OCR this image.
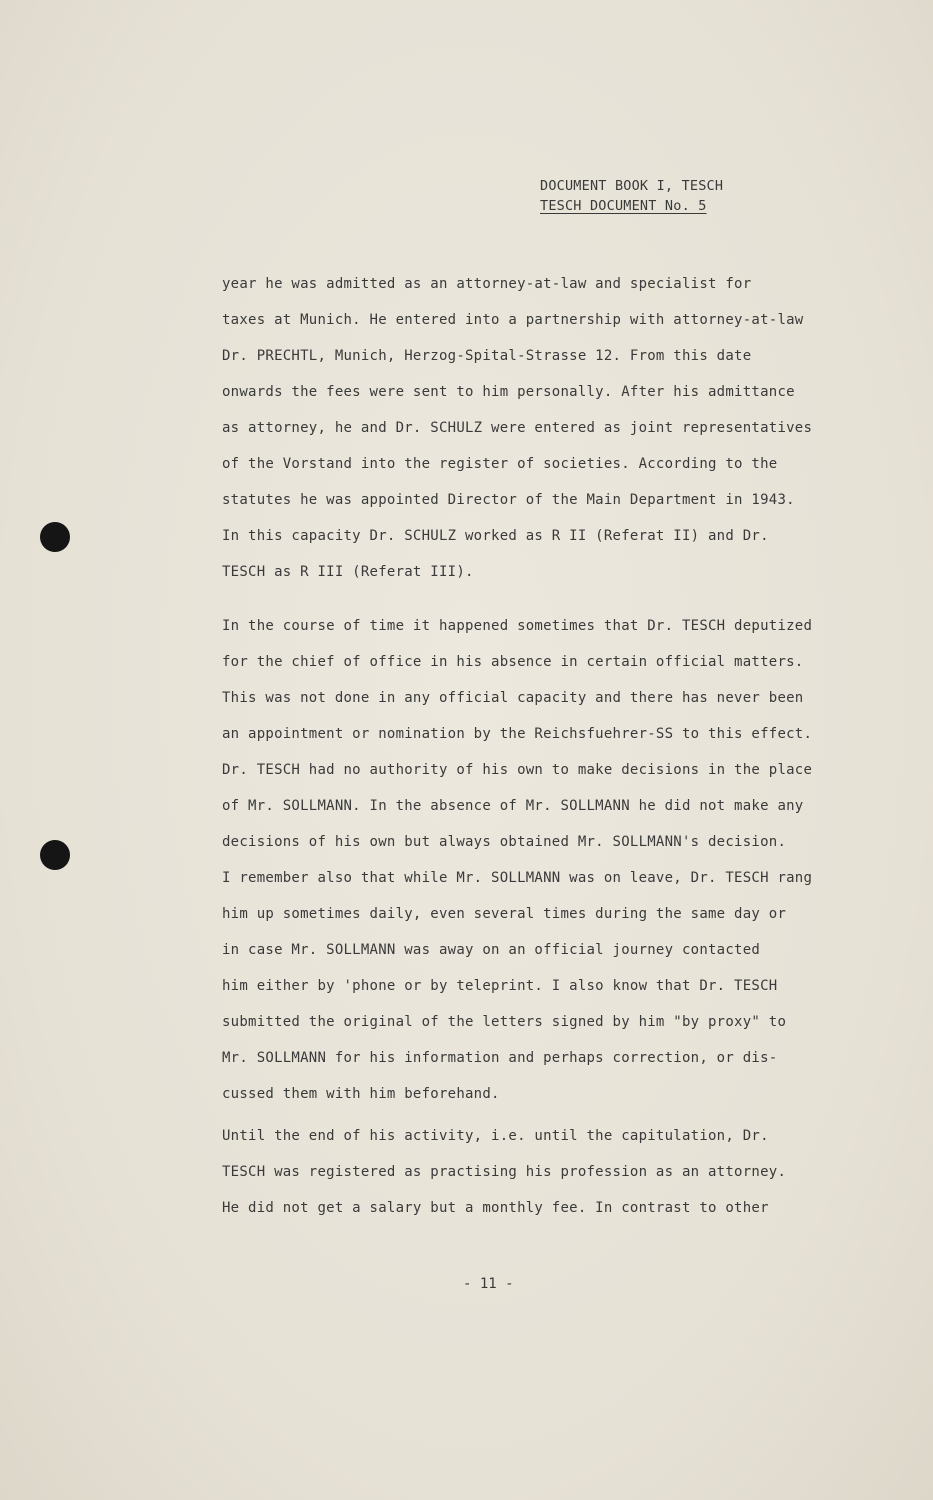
DOCUMENT BOOK I, TESCH
TESCH DOCUMENT No. 5
year he was admitted as an attorney-at-law and specialist for
taxes at Munich. He entered into a partnership with attorney-at-law
Dr. PRECHTL, Munich, Herzog-Spital-Strasse 12. From this date
onwards the fees were sent to him personally. After his admittance
as attorney, he and Dr. SCHULZ were entered as joint representatives
of the Vorstand into the register of societies. According to the
statutes he was appointed Director of the Main Department in 1943.
In this capacity Dr. SCHULZ worked as R II (Referat II) and Dr.
TESCH as R III (Referat III).
In the course of time it happened sometimes that Dr. TESCH deputized
for the chief of office in his absence in certain official matters.
This was not done in any official capacity and there has never been
an appointment or nomination by the Reichsfuehrer-SS to this effect.
Dr. TESCH had no authority of his own to make decisions in the place
of Mr. SOLLMANN. In the absence of Mr. SOLLMANN he did not make any
decisions of his own but always obtained Mr. SOLLMANN's decision.
I remember also that while Mr. SOLLMANN was on leave, Dr. TESCH rang
him up sometimes daily, even several times during the same day or
in case Mr. SOLLMANN was away on an official journey contacted
him either by 'phone or by teleprint. I also know that Dr. TESCH
submitted the original of the letters signed by him "by proxy" to
Mr. SOLLMANN for his information and perhaps correction, or dis-
cussed them with him beforehand.
Until the end of his activity, i.e. until the capitulation, Dr.
TESCH was registered as practising his profession as an attorney.
He did not get a salary but a monthly fee. In contrast to other
- 11 -
